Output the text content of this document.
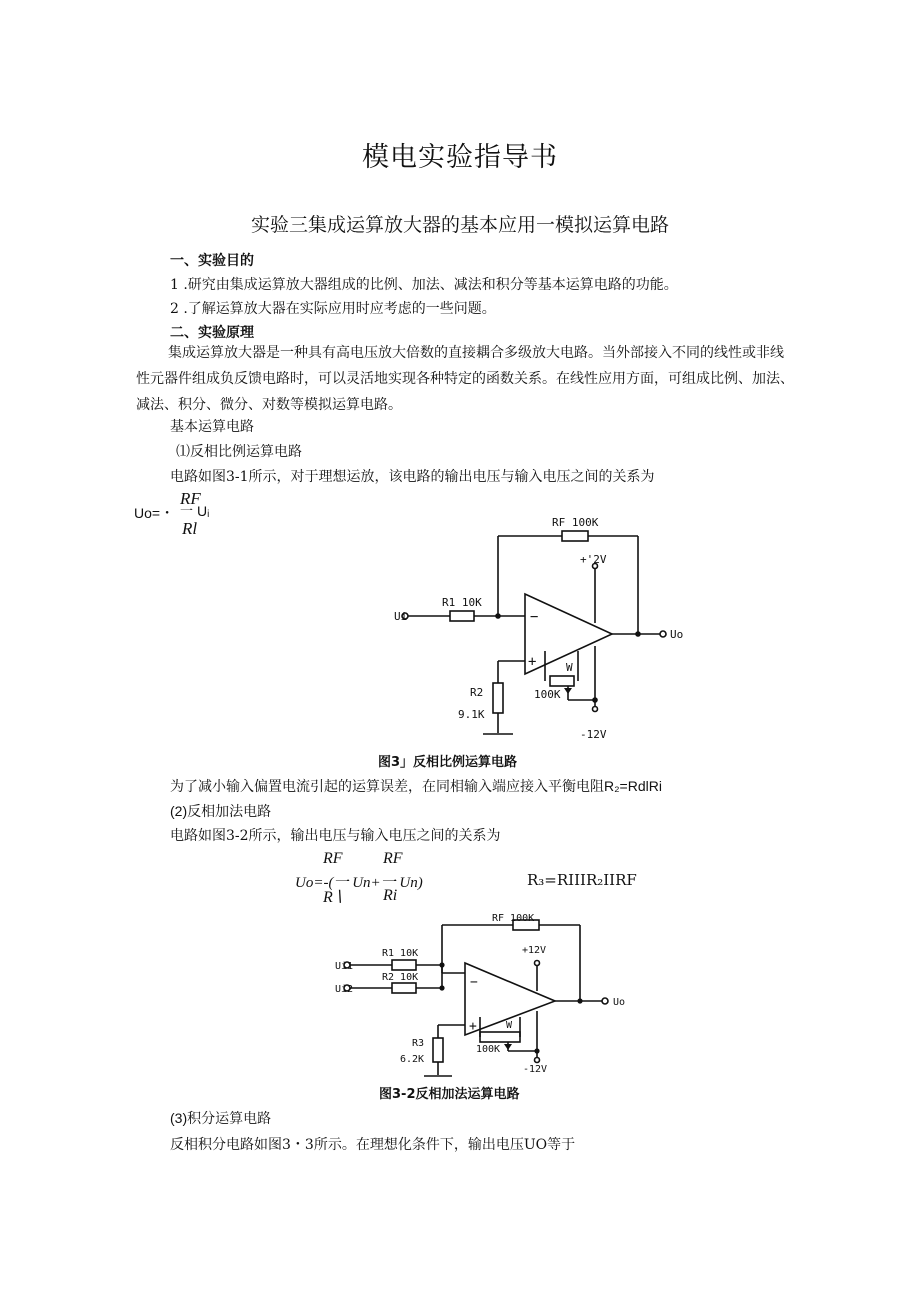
模电实验指导书
实验三集成运算放大器的基本应用一模拟运算电路
一、实验目的
1 .研究由集成运算放大器组成的比例、加法、减法和积分等基本运算电路的功能。
2 .了解运算放大器在实际应用时应考虑的一些问题。
二、实验原理
集成运算放大器是一种具有高电压放大倍数的直接耦合多级放大电路。当外部接入不同的线性或非线性元器件组成负反馈电路时，可以灵活地实现各种特定的函数关系。在线性应用方面，可组成比例、加法、减法、积分、微分、对数等模拟运算电路。
基本运算电路
⑴反相比例运算电路
电路如图3-1所示，对于理想运放，该电路的输出电压与输入电压之间的关系为
RF
Uo=・ 一 Uᵢ
Rl	RF 100K
+'2V
R1 10K
Ui
Uo
−
+	W
100K
R2
9.1K
-12V
图3」反相比例运算电路
为了减小输入偏置电流引起的运算误差，在同相输入端应接入平衡电阻R₂=RdlRi
(2)反相加法电路
电路如图3-2所示，输出电压与输入电压之间的关系为
RF	RF
Uo=-(一 Un+一 Un)
R∖	Ri
R₃=RIIIR₂IIRF
RF 100K
+12V
R1 10K
R2 10K
Ui1
Ui2
Uo
−
+	W
100K
R3
6.2K
-12V
图3-2反相加法运算电路
(3)积分运算电路
反相积分电路如图3・3所示。在理想化条件下，输出电压UO等于
